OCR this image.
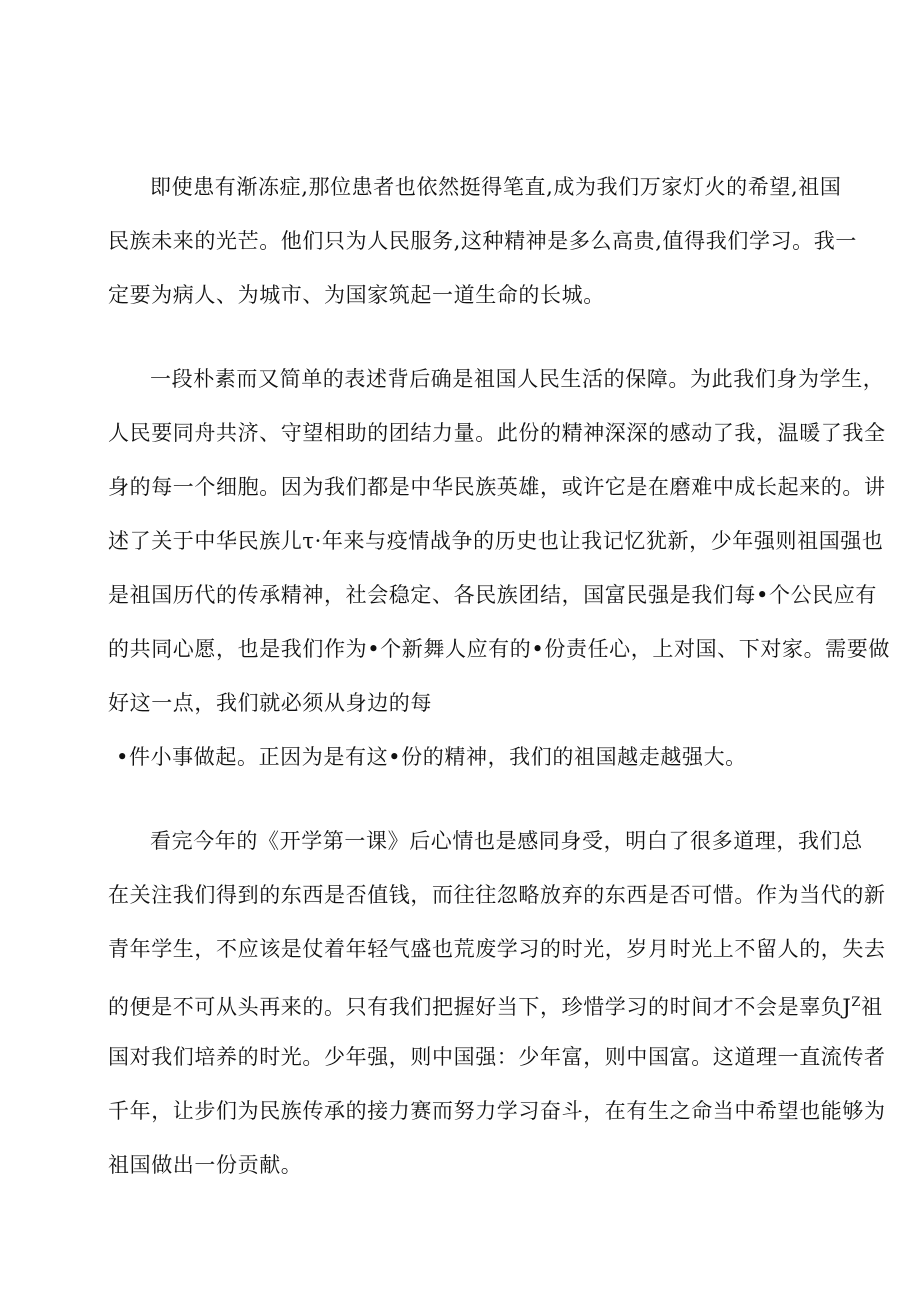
即使患有渐冻症,那位患者也依然挺得笔直,成为我们万家灯火的希望,祖国
民族未来的光芒。他们只为人民服务,这种精神是多么高贵,值得我们学习。我一
定要为病人、为城市、为国家筑起一道生命的长城。
一段朴素而又简单的表述背后确是祖国人民生活的保障。为此我们身为学生，
人民要同舟共济、守望相助的团结力量。此份的精神深深的感动了我，温暖了我全
身的每一个细胞。因为我们都是中华民族英雄，或许它是在磨难中成长起来的。讲
述了关于中华民族儿τ·年来与疫情战争的历史也让我记忆犹新，少年强则祖国强也
是祖国历代的传承精神，社会稳定、各民族团结，国富民强是我们每•个公民应有
的共同心愿，也是我们作为•个新舞人应有的•份责任心，上对国、下对家。需要做
好这一点，我们就必须从身边的每
•件小事做起。正因为是有这•份的精神，我们的祖国越走越强大。
看完今年的《开学第一课》后心情也是感同身受，明白了很多道理，我们总
在关注我们得到的东西是否值钱，而往往忽略放弃的东西是否可惜。作为当代的新
青年学生，不应该是仗着年轻气盛也荒废学习的时光，岁月时光上不留人的，失去
的便是不可从头再来的。只有我们把握好当下，珍惜学习的时间才不会是辜负$J^Z$祖
国对我们培养的时光。少年强，则中国强：少年富，则中国富。这道理一直流传者
千年，让步们为民族传承的接力赛而努力学习奋斗，在有生之命当中希望也能够为
祖国做出一份贡献。
